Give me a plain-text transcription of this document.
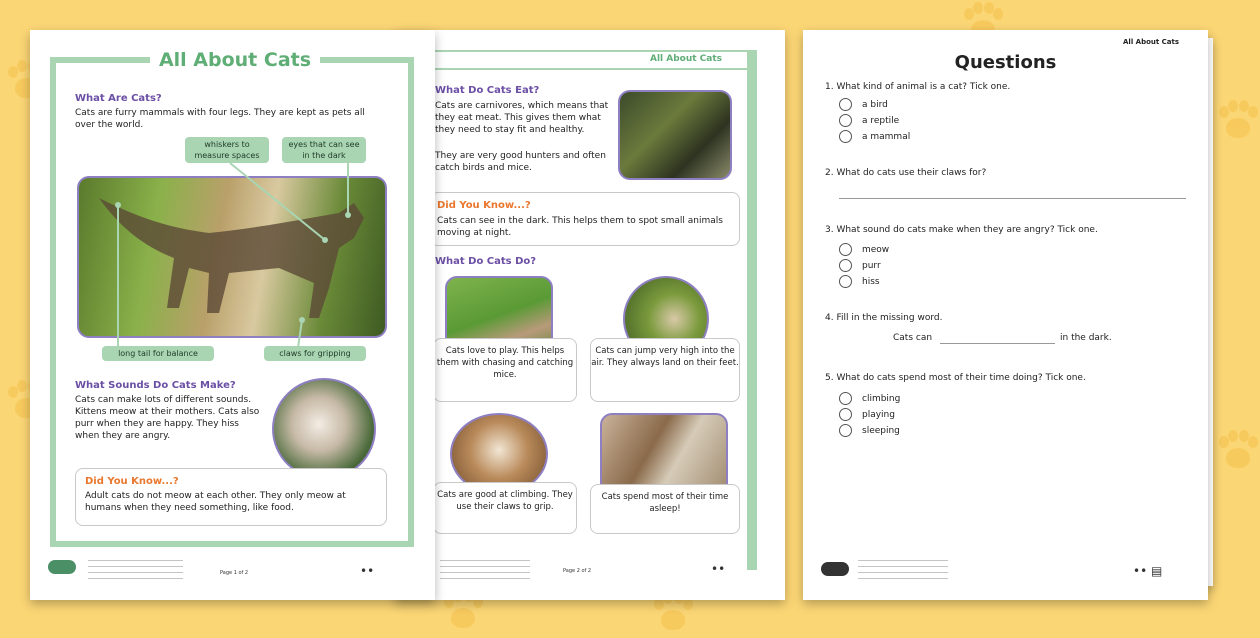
All About Cats
What Do Cats Eat?
Cats are carnivores, which means that they eat meat. This gives them what they need to stay fit and healthy.
They are very good hunters and often catch birds and mice.
Did You Know...?
Cats can see in the dark. This helps them to spot small animals moving at night.
What Do Cats Do?
Cats love to play. This helps them with chasing and catching mice.
Cats can jump very high into the air. They always land on their feet.
Cats are good at climbing. They use their claws to grip.
Cats spend most of their time asleep!
Page 2 of 2	••
All About Cats
What Are Cats?
Cats are furry mammals with four legs. They are kept as pets all over the world.
whiskers to measure spaces
eyes that can see in the dark
long tail for balance	claws for gripping
What Sounds Do Cats Make?
Cats can make lots of different sounds. Kittens meow at their mothers. Cats also purr when they are happy. They hiss when they are angry.
Did You Know...?
Adult cats do not meow at each other. They only meow at humans when they need something, like food.
Page 1 of 2	••
All About Cats
Questions
1. What kind of animal is a cat? Tick one.
a bird
a reptile
a mammal
2. What do cats use their claws for?
3. What sound do cats make when they are angry? Tick one.
meow
purr
hiss
4. Fill in the missing word.
Cats can	in the dark.
5. What do cats spend most of their time doing? Tick one.
climbing
playing
sleeping
•• ▤
